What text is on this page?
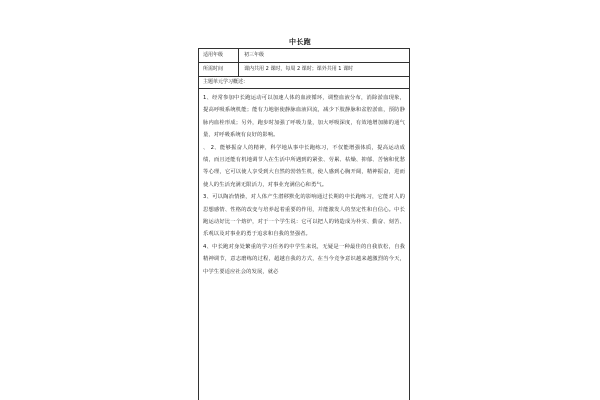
中长跑
适用年级	初三年级
所需时间	课内共用 2 课时，每周 2 课时；课外共用 1 课时
主题单元学习概述：

1、经常参加中长跑运动可以加速人体的血液循环，调整血液分布，消除淤血现象，提高呼吸系统机能；能有力地驱使静脉血液回流，减少下肢静脉和盆腔淤血，预防静脉内血栓形成；另外，跑步时加强了呼吸力量，加大呼吸深度，有效地增加肺的通气量，对呼吸系统有良好的影响。

、 2、能够振奋人的精神，科学地从事中长跑练习，不仅能增强体质，提高运动成绩，而且还能有机地调节人在生活中所遇到的紧张、劳累、枯燥、抑郁、苦恼和优愁等心理，它可以使人享受到大自然的勃勃生机，使人感到心胸开阔，精神振奋，进而使人的生活充满无限活力，对事业充满信心和勇气。

3、可以陶冶情操，对人体产生潜移默化的影响通过长期的中长跑练习，它能对人的思想感情、性格的改变与培养起着重要的作用，并能激发人的坚定性和自信心。中长跑运动好比一个熔炉，对于一个学生说：它可以把人的铸造成为朴实、勤奋、刻苦、乐观以及对事业的勇于追求和自我的坚强者。

4、中长跑对身处繁重的学习任务的中学生来说，无疑是一种最佳的自我放松，自我精神调节，意志磨练的过程，超越自我的方式，在当今竞争意识越来越激烈的今天，中学生要适应社会的发展，就必
